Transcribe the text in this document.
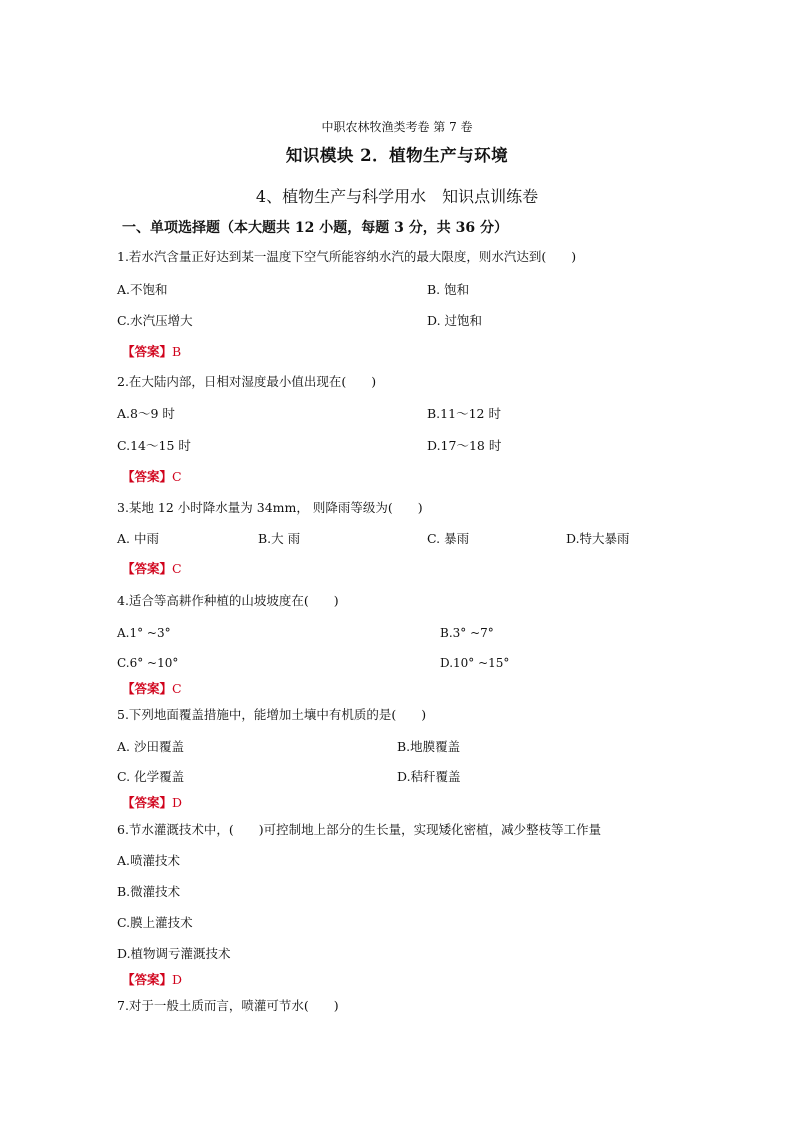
中职农林牧渔类考卷 第 7 卷
知识模块 2．植物生产与环境
4、植物生产与科学用水　知识点训练卷
一、单项选择题（本大题共 12 小题，每题 3 分，共 36 分）
1.若水汽含量正好达到某一温度下空气所能容纳水汽的最大限度，则水汽达到(　　)
A.不饱和	B. 饱和
C.水汽压增大	D. 过饱和
【答案】B
2.在大陆内部，日相对湿度最小值出现在(　　)
A.8～9 时	B.11～12 时
C.14～15 时	D.17～18 时
【答案】C
3.某地 12 小时降水量为 34mm， 则降雨等级为(　　)
A. 中雨	B.大 雨	C. 暴雨	D.特大暴雨
【答案】C
4.适合等高耕作种植的山坡坡度在(　　)
A.1° ~3°	B.3° ~7°
C.6° ~10°	D.10° ~15°
【答案】C
5.下列地面覆盖措施中，能增加土壤中有机质的是(　　)
A. 沙田覆盖	B.地膜覆盖
C. 化学覆盖	D.秸秆覆盖
【答案】D
6.节水灌溉技术中，(　　)可控制地上部分的生长量，实现矮化密植，减少整枝等工作量
A.喷灌技术
B.微灌技术
C.膜上灌技术
D.植物调亏灌溉技术
【答案】D
7.对于一般土质而言，喷灌可节水(　　)
